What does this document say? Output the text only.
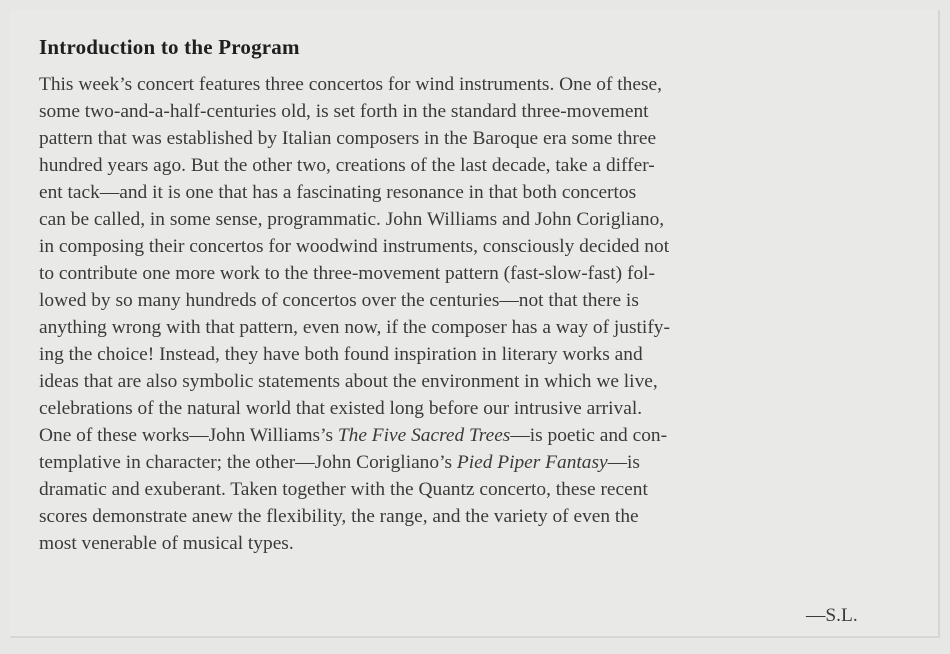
Introduction to the Program
This week’s concert features three concertos for wind instruments. One of these,
some two-and-a-half-centuries old, is set forth in the standard three-movement
pattern that was established by Italian composers in the Baroque era some three
hundred years ago. But the other two, creations of the last decade, take a differ-
ent tack—and it is one that has a fascinating resonance in that both concertos
can be called, in some sense, programmatic. John Williams and John Corigliano,
in composing their concertos for woodwind instruments, consciously decided not
to contribute one more work to the three-movement pattern (fast-slow-fast) fol-
lowed by so many hundreds of concertos over the centuries—not that there is
anything wrong with that pattern, even now, if the composer has a way of justify-
ing the choice! Instead, they have both found inspiration in literary works and
ideas that are also symbolic statements about the environment in which we live,
celebrations of the natural world that existed long before our intrusive arrival.
One of these works—John Williams’s The Five Sacred Trees—is poetic and con-
templative in character; the other—John Corigliano’s Pied Piper Fantasy—is
dramatic and exuberant. Taken together with the Quantz concerto, these recent
scores demonstrate anew the flexibility, the range, and the variety of even the
most venerable of musical types.
—S.L.
